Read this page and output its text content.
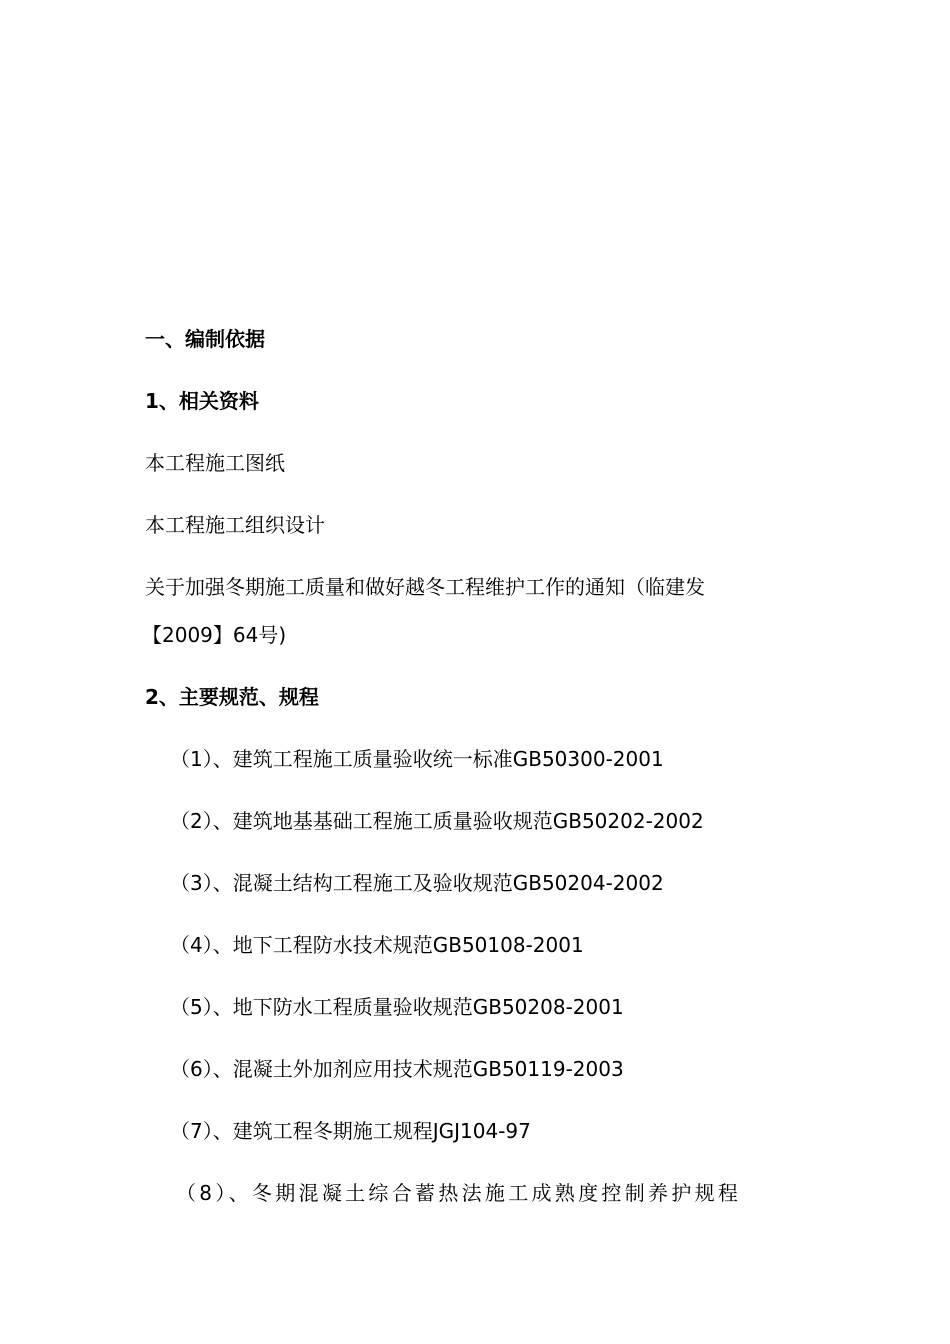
一、编制依据
1、相关资料
本工程施工图纸
本工程施工组织设计
关于加强冬期施工质量和做好越冬工程维护工作的通知（临建发
【2009】64号)
2、主要规范、规程
（1）、建筑工程施工质量验收统一标准GB50300-2001
（2）、建筑地基基础工程施工质量验收规范GB50202-2002
（3）、混凝土结构工程施工及验收规范GB50204-2002
（4）、地下工程防水技术规范GB50108-2001
（5）、地下防水工程质量验收规范GB50208-2001
（6）、混凝土外加剂应用技术规范GB50119-2003
（7）、建筑工程冬期施工规程JGJ104-97
（8）、冬期混凝土综合蓄热法施工成熟度控制养护规程
